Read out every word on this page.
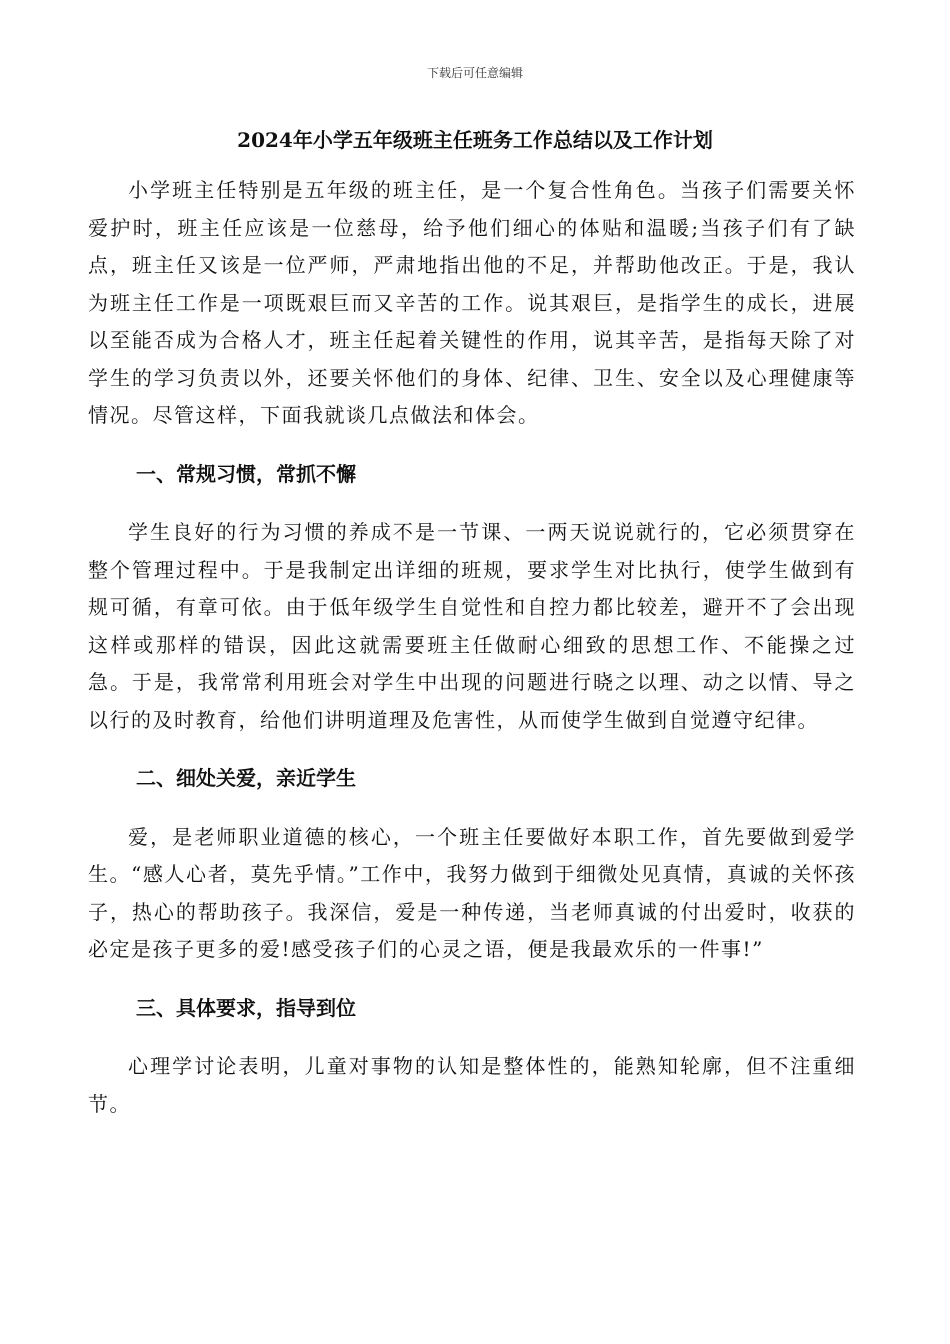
下载后可任意编辑
2024年小学五年级班主任班务工作总结以及工作计划

小学班主任特别是五年级的班主任，是一个复合性角色。当孩子们需要关怀爱护时，班主任应该是一位慈母，给予他们细心的体贴和温暖;当孩子们有了缺点，班主任又该是一位严师，严肃地指出他的不足，并帮助他改正。于是，我认为班主任工作是一项既艰巨而又辛苦的工作。说其艰巨，是指学生的成长，进展以至能否成为合格人才，班主任起着关键性的作用，说其辛苦，是指每天除了对学生的学习负责以外，还要关怀他们的身体、纪律、卫生、安全以及心理健康等情况。尽管这样，下面我就谈几点做法和体会。

一、常规习惯，常抓不懈

学生良好的行为习惯的养成不是一节课、一两天说说就行的，它必须贯穿在整个管理过程中。于是我制定出详细的班规，要求学生对比执行，使学生做到有规可循，有章可依。由于低年级学生自觉性和自控力都比较差，避开不了会出现这样或那样的错误，因此这就需要班主任做耐心细致的思想工作、不能操之过急。于是，我常常利用班会对学生中出现的问题进行晓之以理、动之以情、导之以行的及时教育，给他们讲明道理及危害性，从而使学生做到自觉遵守纪律。

二、细处关爱，亲近学生

爱，是老师职业道德的核心，一个班主任要做好本职工作，首先要做到爱学生。“感人心者，莫先乎情。”工作中，我努力做到于细微处见真情，真诚的关怀孩子，热心的帮助孩子。我深信，爱是一种传递，当老师真诚的付出爱时，收获的必定是孩子更多的爱!感受孩子们的心灵之语，便是我最欢乐的一件事!”

三、具体要求，指导到位

心理学讨论表明，儿童对事物的认知是整体性的，能熟知轮廓，但不注重细节。
